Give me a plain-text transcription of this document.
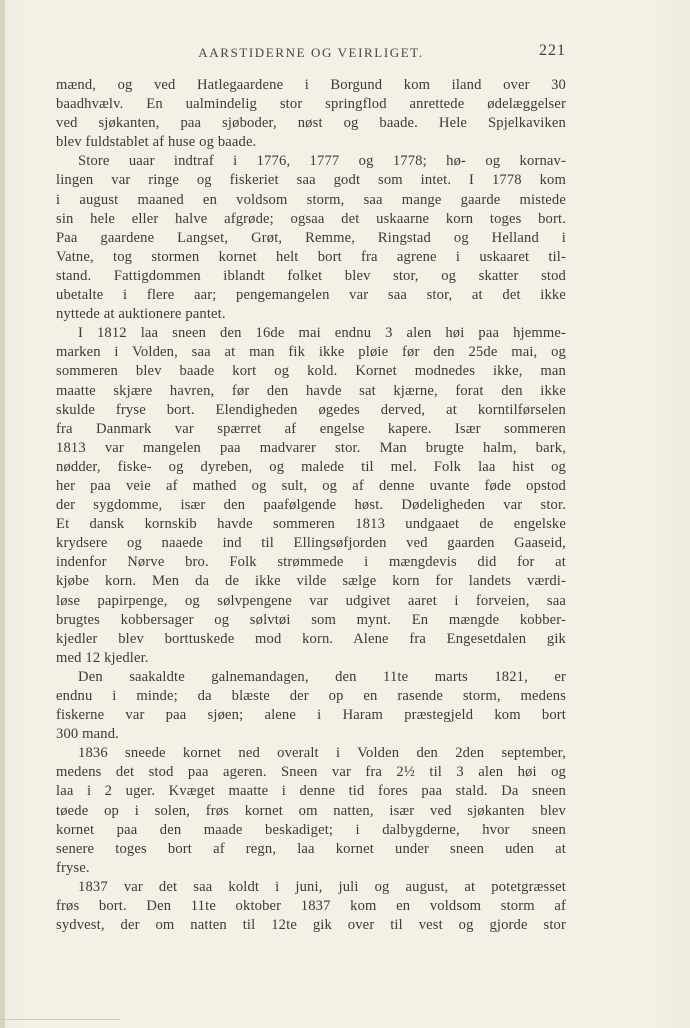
AARSTIDERNE OG VEIRLIGET.	221
mænd, og ved Hatlegaardene i Borgund kom iland over 30
baadhvælv. En ualmindelig stor springflod anrettede ødelæggelser
ved sjøkanten, paa sjøboder, nøst og baade. Hele Spjelkaviken
blev fuldstablet af huse og baade.
Store uaar indtraf i 1776, 1777 og 1778; hø- og kornav-
lingen var ringe og fiskeriet saa godt som intet. I 1778 kom
i august maaned en voldsom storm, saa mange gaarde mistede
sin hele eller halve afgrøde; ogsaa det uskaarne korn toges bort.
Paa gaardene Langset, Grøt, Remme, Ringstad og Helland i
Vatne, tog stormen kornet helt bort fra agrene i uskaaret til-
stand. Fattigdommen iblandt folket blev stor, og skatter stod
ubetalte i flere aar; pengemangelen var saa stor, at det ikke
nyttede at auktionere pantet.
I 1812 laa sneen den 16de mai endnu 3 alen høi paa hjemme-
marken i Volden, saa at man fik ikke pløie før den 25de mai, og
sommeren blev baade kort og kold. Kornet modnedes ikke, man
maatte skjære havren, før den havde sat kjærne, forat den ikke
skulde fryse bort. Elendigheden øgedes derved, at korntilførselen
fra Danmark var spærret af engelse kapere. Især sommeren
1813 var mangelen paa madvarer stor. Man brugte halm, bark,
nødder, fiske- og dyreben, og malede til mel. Folk laa hist og
her paa veie af mathed og sult, og af denne uvante føde opstod
der sygdomme, især den paafølgende høst. Dødeligheden var stor.
Et dansk kornskib havde sommeren 1813 undgaaet de engelske
krydsere og naaede ind til Ellingsøfjorden ved gaarden Gaaseid,
indenfor Nørve bro. Folk strømmede i mængdevis did for at
kjøbe korn. Men da de ikke vilde sælge korn for landets værdi-
løse papirpenge, og sølvpengene var udgivet aaret i forveien, saa
brugtes kobbersager og sølvtøi som mynt. En mængde kobber-
kjedler blev borttuskede mod korn. Alene fra Engesetdalen gik
med 12 kjedler.
Den saakaldte galnemandagen, den 11te marts 1821, er
endnu i minde; da blæste der op en rasende storm, medens
fiskerne var paa sjøen; alene i Haram præstegjeld kom bort
300 mand.
1836 sneede kornet ned overalt i Volden den 2den september,
medens det stod paa ageren. Sneen var fra 2½ til 3 alen høi og
laa i 2 uger. Kvæget maatte i denne tid fores paa stald. Da sneen
tøede op i solen, frøs kornet om natten, især ved sjøkanten blev
kornet paa den maade beskadiget; i dalbygderne, hvor sneen
senere toges bort af regn, laa kornet under sneen uden at
fryse.
1837 var det saa koldt i juni, juli og august, at potetgræsset
frøs bort. Den 11te oktober 1837 kom en voldsom storm af
sydvest, der om natten til 12te gik over til vest og gjorde stor
